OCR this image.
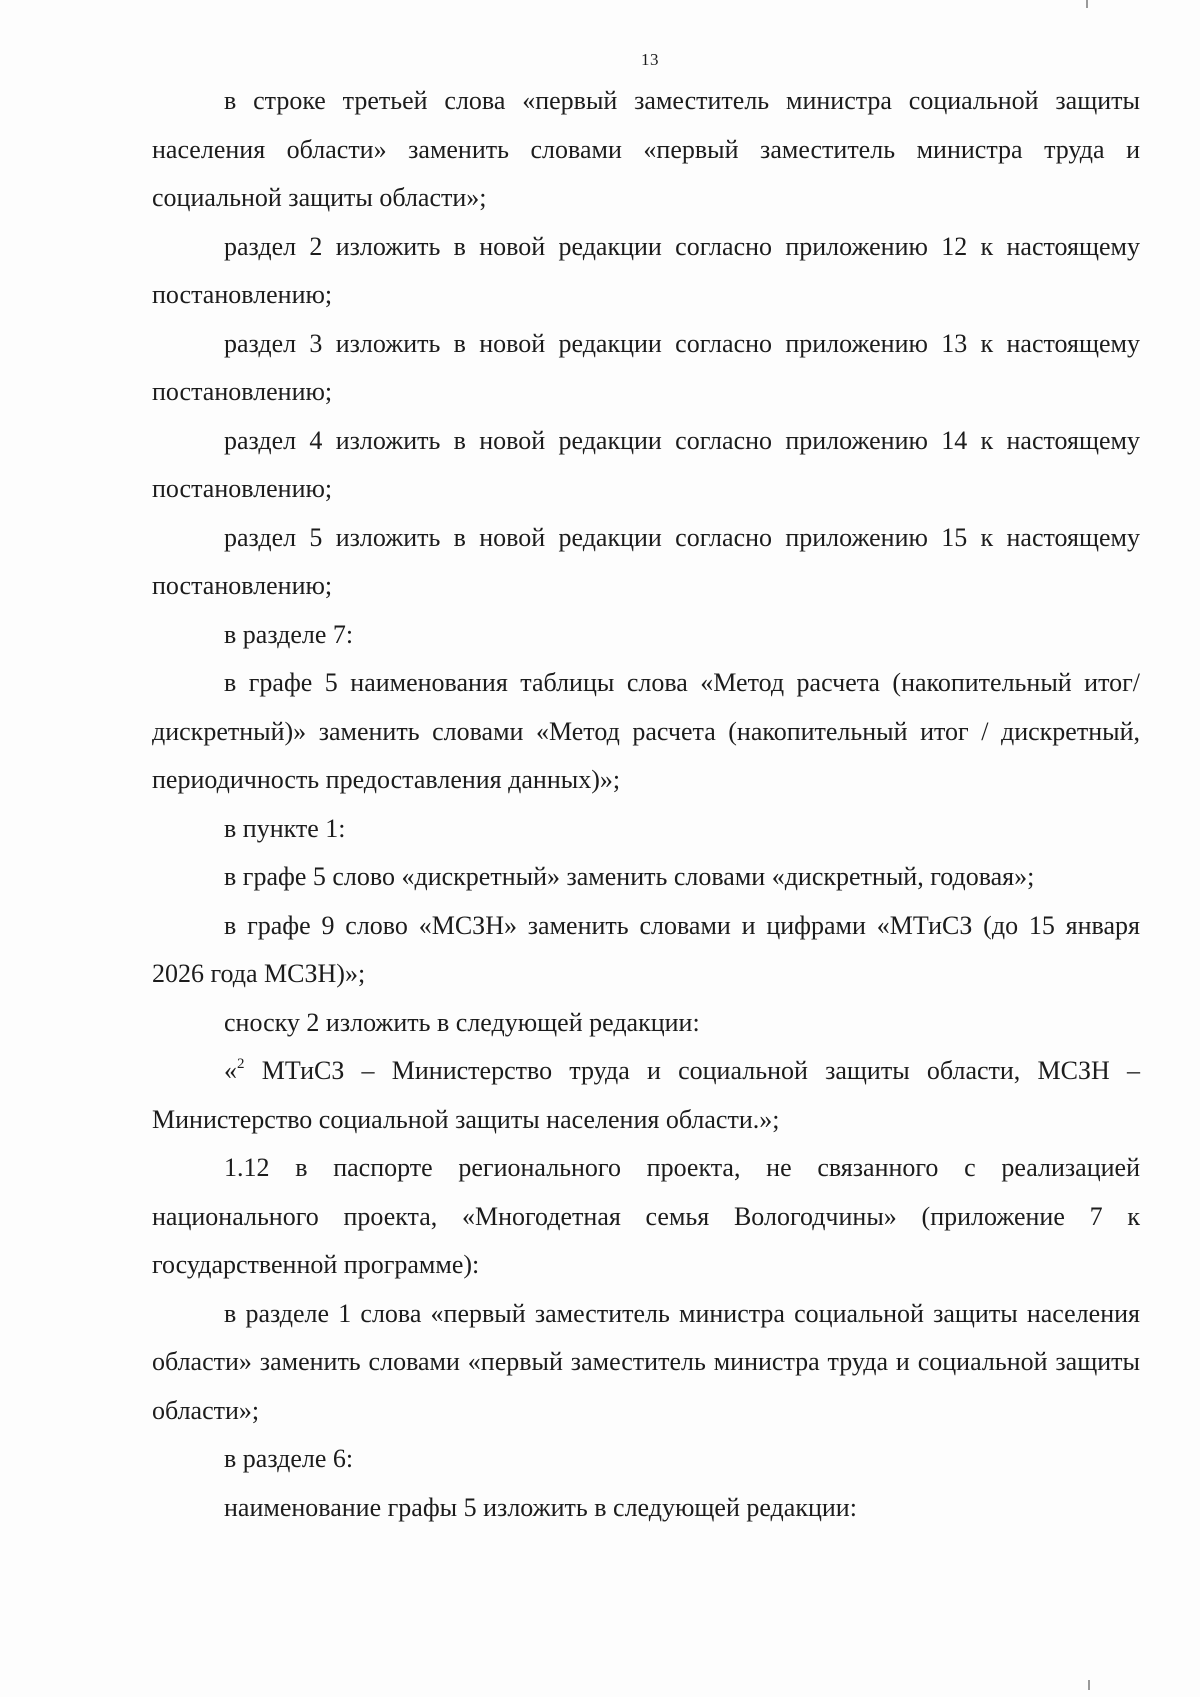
13

в строке третьей слова «первый заместитель министра социальной защиты населения области» заменить словами «первый заместитель министра труда и социальной защиты области»;

раздел 2 изложить в новой редакции согласно приложению 12 к настоящему постановлению;

раздел 3 изложить в новой редакции согласно приложению 13 к настоящему постановлению;

раздел 4 изложить в новой редакции согласно приложению 14 к настоящему постановлению;

раздел 5 изложить в новой редакции согласно приложению 15 к настоящему постановлению;

в разделе 7:

в графе 5 наименования таблицы слова «Метод расчета (накопительный итог/дискретный)» заменить словами «Метод расчета (накопительный итог / дискретный, периодичность предоставления данных)»;

в пункте 1:

в графе 5 слово «дискретный» заменить словами «дискретный, годовая»;

в графе 9 слово «МСЗН» заменить словами и цифрами «МТиСЗ (до 15 января 2026 года МСЗН)»;

сноску 2 изложить в следующей редакции:

«$^2$ МТиСЗ – Министерство труда и социальной защиты области, МСЗН – Министерство социальной защиты населения области.»;

1.12 в паспорте регионального проекта, не связанного с реализацией национального проекта, «Многодетная семья Вологодчины» (приложение 7 к государственной программе):

в разделе 1 слова «первый заместитель министра социальной защиты населения области» заменить словами «первый заместитель министра труда и социальной защиты области»;

в разделе 6:

наименование графы 5 изложить в следующей редакции:
